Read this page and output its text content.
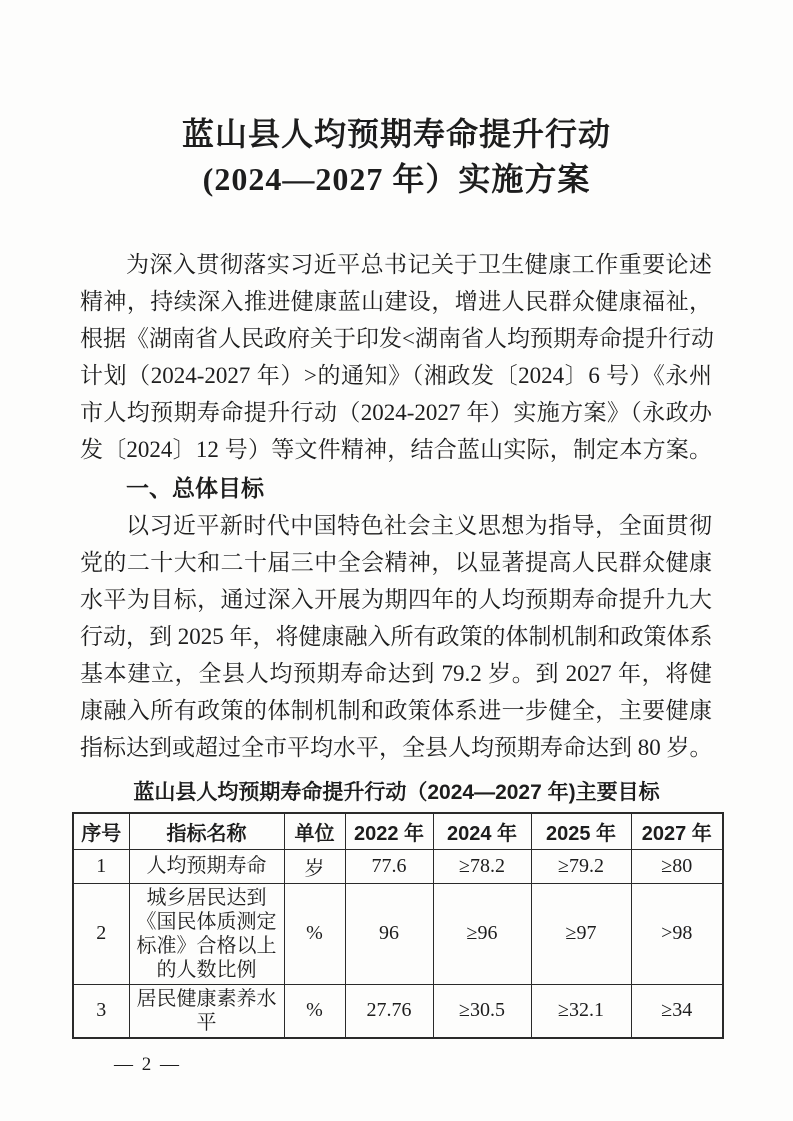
蓝山县人均预期寿命提升行动
(2024—2027 年）实施方案
为深入贯彻落实习近平总书记关于卫生健康工作重要论述
精神，持续深入推进健康蓝山建设，增进人民群众健康福祉，
根据《湖南省人民政府关于印发<湖南省人均预期寿命提升行动
计划（2024-2027 年）>的通知》（湘政发〔2024〕6 号）《永州
市人均预期寿命提升行动（2024-2027 年）实施方案》（永政办
发〔2024〕12 号）等文件精神，结合蓝山实际，制定本方案。
一、总体目标
以习近平新时代中国特色社会主义思想为指导，全面贯彻
党的二十大和二十届三中全会精神，以显著提高人民群众健康
水平为目标，通过深入开展为期四年的人均预期寿命提升九大
行动，到 2025 年，将健康融入所有政策的体制机制和政策体系
基本建立，全县人均预期寿命达到 79.2 岁。到 2027 年，将健
康融入所有政策的体制机制和政策体系进一步健全，主要健康
指标达到或超过全市平均水平，全县人均预期寿命达到 80 岁。
蓝山县人均预期寿命提升行动（2024—2027 年)主要目标
序号	指标名称	单位	2022 年	2024 年	2025 年	2027 年
1	人均预期寿命	岁	77.6	≥78.2	≥79.2	≥80
2	城乡居民达到《国民体质测定标准》合格以上的人数比例	%	96	≥96	≥97	>98
3	居民健康素养水平	%	27.76	≥30.5	≥32.1	≥34
— 2 —
